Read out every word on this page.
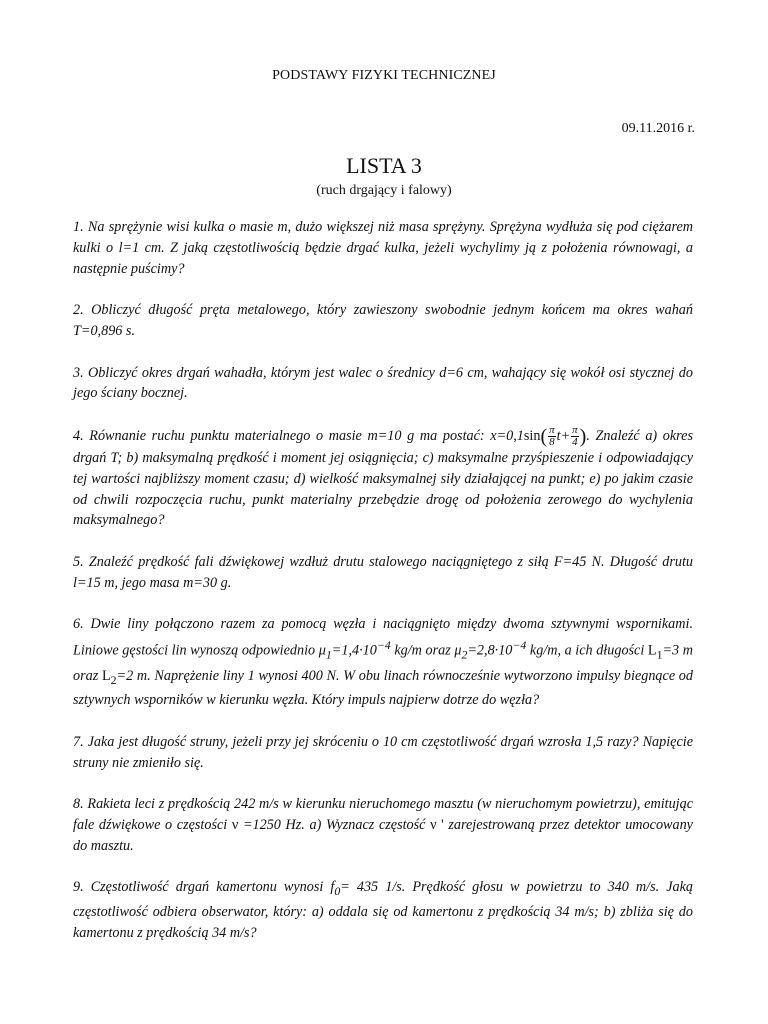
PODSTAWY FIZYKI TECHNICZNEJ
09.11.2016 r.
LISTA 3
(ruch drgający i falowy)

1. Na sprężynie wisi kulka o masie m, dużo większej niż masa sprężyny. Sprężyna wydłuża się pod ciężarem kulki o l=1 cm. Z jaką częstotliwością będzie drgać kulka, jeżeli wychylimy ją z położenia równowagi, a następnie puścimy?

2. Obliczyć długość pręta metalowego, który zawieszony swobodnie jednym końcem ma okres wahań T=0,896 s.

3. Obliczyć okres drgań wahadła, którym jest walec o średnicy d=6 cm, wahający się wokół osi stycznej do jego ściany bocznej.

4. Równanie ruchu punktu materialnego o masie m=10 g ma postać: $x=0,1\sin( \frac{\pi}{8} t+ \frac{\pi}{4}$ ). Znaleźć a) okres drgań T; b) maksymalną prędkość i moment jej osiągnięcia; c) maksymalne przyśpieszenie i odpowiadający tej wartości najbliższy moment czasu; d) wielkość maksymalnej siły działającej na punkt; e) po jakim czasie od chwili rozpoczęcia ruchu, punkt materialny przebędzie drogę od położenia zerowego do wychylenia maksymalnego?

5. Znaleźć prędkość fali dźwiękowej wzdłuż drutu stalowego naciągniętego z siłą F=45 N. Długość drutu l=15 m, jego masa m=30 g.

6. Dwie liny połączono razem za pomocą węzła i naciągnięto między dwoma sztywnymi wspornikami. Liniowe gęstości lin wynoszą odpowiednio $\mu_1=1,4\cdot 10^{-4}$ kg/m oraz $\mu_2=2,8\cdot 10^{-4}$ kg/m, a ich długości $L_1=3$ m oraz $L_2=2$ m. Naprężenie liny 1 wynosi 400 N. W obu linach równocześnie wytworzono impulsy biegnące od sztywnych wsporników w kierunku węzła. Który impuls najpierw dotrze do węzła?

7. Jaka jest długość struny, jeżeli przy jej skróceniu o 10 cm częstotliwość drgań wzrosła 1,5 razy? Napięcie struny nie zmieniło się.

8. Rakieta leci z prędkością 242 m/s w kierunku nieruchomego masztu (w nieruchomym powietrzu), emitując fale dźwiękowe o częstości ν =1250 Hz. a) Wyznacz częstość ν ' zarejestrowaną przez detektor umocowany do masztu.

9. Częstotliwość drgań kamertonu wynosi $f_0= 435$ 1/s. Prędkość głosu w powietrzu to 340 m/s. Jaką częstotliwość odbiera obserwator, który: a) oddala się od kamertonu z prędkością 34 m/s; b) zbliża się do kamertonu z prędkością 34 m/s?
